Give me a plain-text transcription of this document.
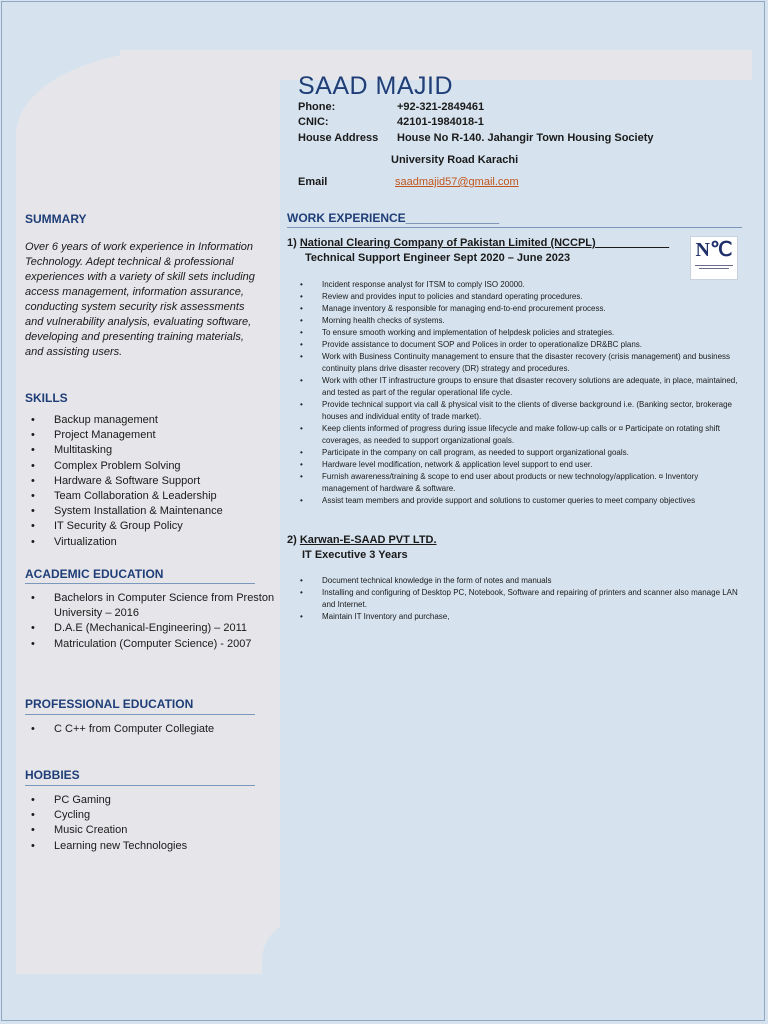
SAAD MAJID
Phone:	+92-321-2849461
CNIC:	42101-1984018-1
House Address House No R-140. Jahangir Town Housing Society
University Road Karachi
Email	saadmajid57@gmail.com
SUMMARY
Over 6 years of work experience in Information Technology. Adept technical & professional experiences with a variety of skill sets including access management, information assurance, conducting system security risk assessments and vulnerability analysis, evaluating software, developing and presenting training materials, and assisting users.
SKILLS
• Backup management
• Project Management
• Multitasking
• Complex Problem Solving
• Hardware & Software Support
• Team Collaboration & Leadership
• System Installation & Maintenance
• IT Security & Group Policy
• Virtualization
ACADEMIC EDUCATION
• Bachelors in Computer Science from Preston University – 2016
• D.A.E (Mechanical-Engineering) – 2011
• Matriculation (Computer Science) - 2007
PROFESSIONAL EDUCATION
• C C++ from Computer Collegiate
HOBBIES
• PC Gaming
• Cycling
• Music Creation
• Learning new Technologies
WORK EXPERIENCE______________
1) National Clearing Company of Pakistan Limited (NCCPL)____________
Technical Support Engineer Sept 2020 – June 2023	N℃
• Incident response analyst for ITSM to comply ISO 20000.
• Review and provides input to policies and standard operating procedures.
• Manage inventory & responsible for managing end-to-end procurement process.
• Morning health checks of systems.
• To ensure smooth working and implementation of helpdesk policies and strategies.
• Provide assistance to document SOP and Polices in order to operationalize DR&BC plans.
• Work with Business Continuity management to ensure that the disaster recovery (crisis management) and business continuity plans drive disaster recovery (DR) strategy and procedures.
• Work with other IT infrastructure groups to ensure that disaster recovery solutions are adequate, in place, maintained, and tested as part of the regular operational life cycle.
• Provide technical support via call & physical visit to the clients of diverse background i.e. (Banking sector, brokerage houses and individual entity of trade market).
• Keep clients informed of progress during issue lifecycle and make follow-up calls or ¤ Participate on rotating shift coverages, as needed to support organizational goals.
• Participate in the company on call program, as needed to support organizational goals.
• Hardware level modification, network & application level support to end user.
• Furnish awareness/training & scope to end user about products or new technology/application. ¤ Inventory management of hardware & software.
• Assist team members and provide support and solutions to customer queries to meet company objectives
2) Karwan-E-SAAD PVT LTD.
IT Executive 3 Years
• Document technical knowledge in the form of notes and manuals
• Installing and configuring of Desktop PC, Notebook, Software and repairing of printers and scanner also manage LAN and Internet.
• Maintain IT Inventory and purchase,
